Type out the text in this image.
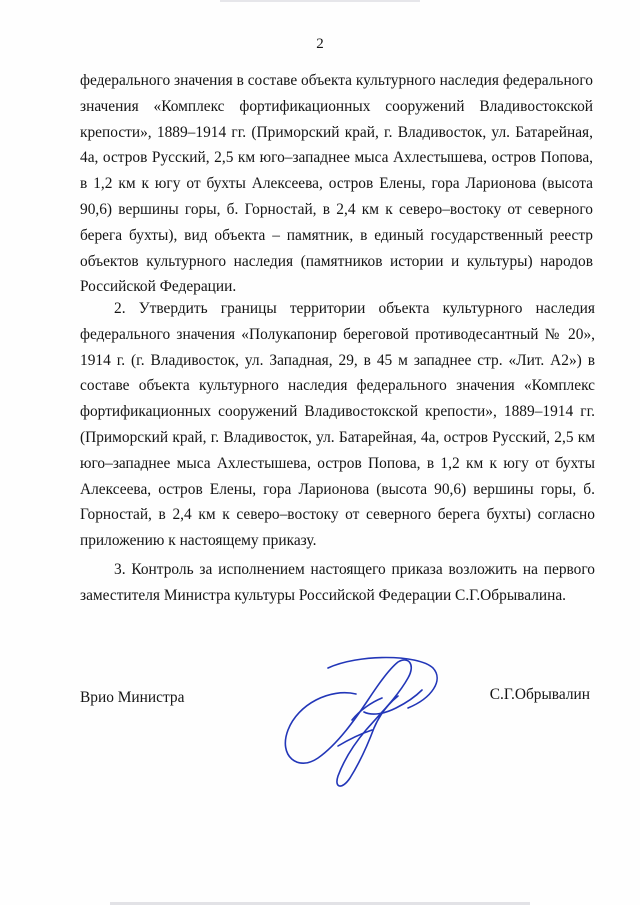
2

федерального значения в составе объекта культурного наследия федерального значения «Комплекс фортификационных сооружений Владивостокской крепости», 1889–1914 гг. (Приморский край, г. Владивосток, ул. Батарейная, 4а, остров Русский, 2,5 км юго–западнее мыса Ахлестышева, остров Попова, в 1,2 км к югу от бухты Алексеева, остров Елены, гора Ларионова (высота 90,6) вершины горы, б. Горностай, в 2,4 км к северо–востоку от северного берега бухты), вид объекта – памятник, в единый государственный реестр объектов культурного наследия (памятников истории и культуры) народов Российской Федерации.

2. Утвердить границы территории объекта культурного наследия федерального значения «Полукапонир береговой противодесантный № 20», 1914 г. (г. Владивосток, ул. Западная, 29, в 45 м западнее стр. «Лит. А2») в составе объекта культурного наследия федерального значения «Комплекс фортификационных сооружений Владивостокской крепости», 1889–1914 гг. (Приморский край, г. Владивосток, ул. Батарейная, 4а, остров Русский, 2,5 км юго–западнее мыса Ахлестышева, остров Попова, в 1,2 км к югу от бухты Алексеева, остров Елены, гора Ларионова (высота 90,6) вершины горы, б. Горностай, в 2,4 км к северо–востоку от северного берега бухты) согласно приложению к настоящему приказу.

3. Контроль за исполнением настоящего приказа возложить на первого заместителя Министра культуры Российской Федерации С.Г.Обрывалина.

Врио Министра	С.Г.Обрывалин
